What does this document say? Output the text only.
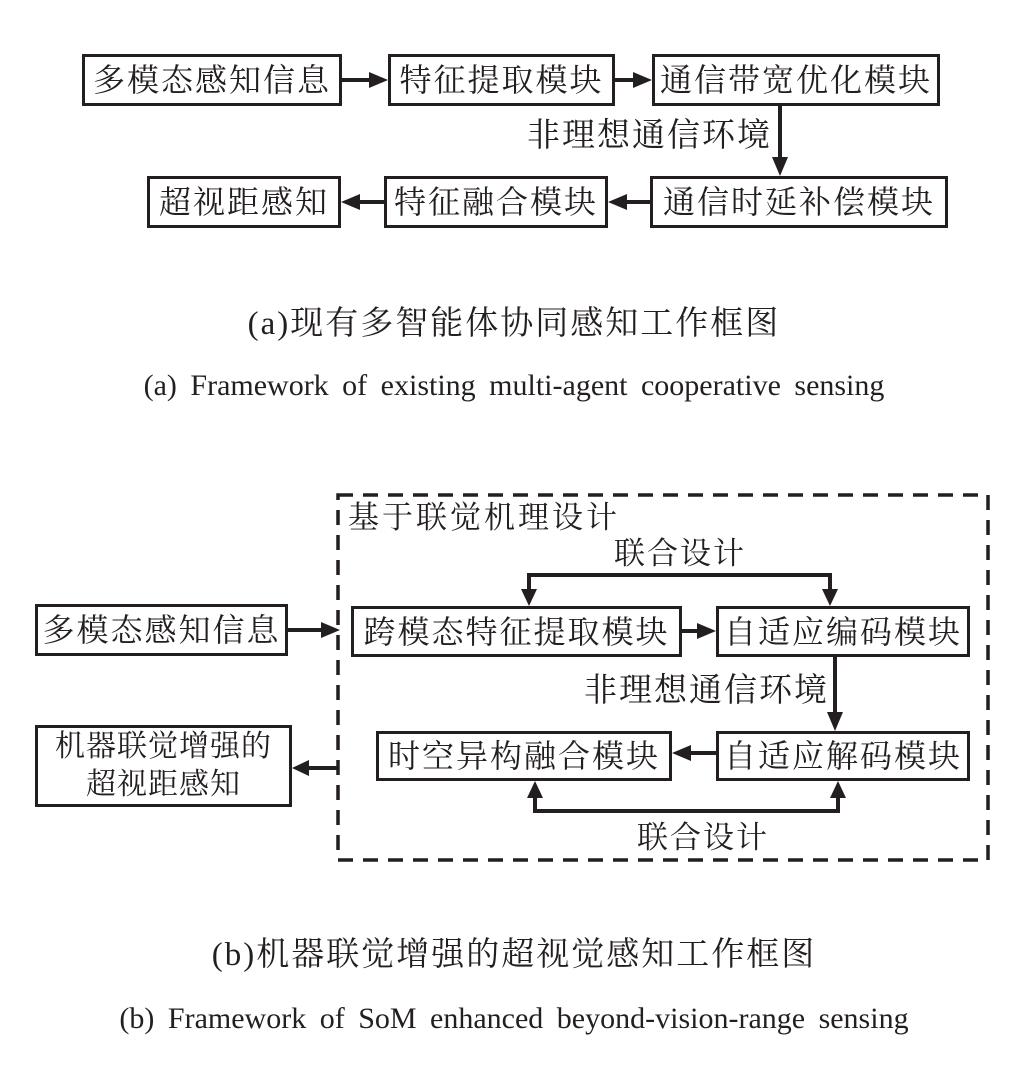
多模态感知信息	特征提取模块	通信带宽优化模块
超视距感知	特征融合模块	通信时延补偿模块
非理想通信环境
(a)现有多智能体协同感知工作框图
(a) Framework of existing multi-agent cooperative sensing
基于联觉机理设计
联合设计
多模态感知信息	跨模态特征提取模块	自适应编码模块
非理想通信环境
时空异构融合模块	自适应解码模块
机器联觉增强的
超视距感知
联合设计
(b)机器联觉增强的超视觉感知工作框图
(b) Framework of SoM enhanced beyond-vision-range sensing
